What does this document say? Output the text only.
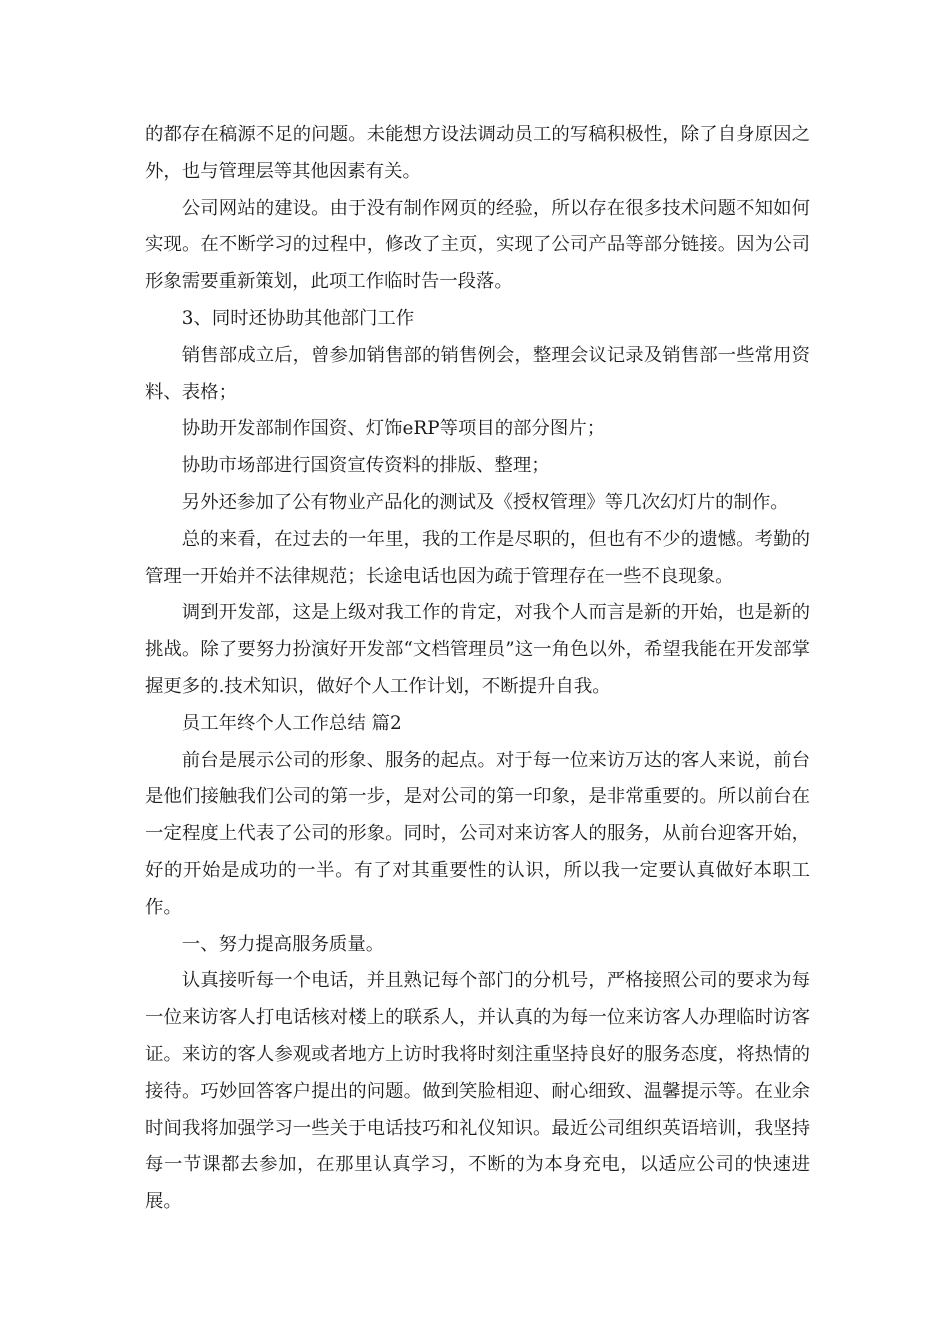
的都存在稿源不足的问题。未能想方设法调动员工的写稿积极性，除了自身原因之外，也与管理层等其他因素有关。

公司网站的建设。由于没有制作网页的经验，所以存在很多技术问题不知如何实现。在不断学习的过程中，修改了主页，实现了公司产品等部分链接。因为公司形象需要重新策划，此项工作临时告一段落。

3、同时还协助其他部门工作

销售部成立后，曾参加销售部的销售例会，整理会议记录及销售部一些常用资料、表格；

协助开发部制作国资、灯饰eRP等项目的部分图片；

协助市场部进行国资宣传资料的排版、整理；

另外还参加了公有物业产品化的测试及《授权管理》等几次幻灯片的制作。

总的来看，在过去的一年里，我的工作是尽职的，但也有不少的遗憾。考勤的管理一开始并不法律规范；长途电话也因为疏于管理存在一些不良现象。

调到开发部，这是上级对我工作的肯定，对我个人而言是新的开始，也是新的挑战。除了要努力扮演好开发部“文档管理员”这一角色以外，希望我能在开发部掌握更多的.技术知识，做好个人工作计划，不断提升自我。

员工年终个人工作总结 篇2

前台是展示公司的形象、服务的起点。对于每一位来访万达的客人来说，前台是他们接触我们公司的第一步，是对公司的第一印象，是非常重要的。所以前台在一定程度上代表了公司的形象。同时，公司对来访客人的服务，从前台迎客开始，好的开始是成功的一半。有了对其重要性的认识，所以我一定要认真做好本职工作。

一、努力提高服务质量。

认真接听每一个电话，并且熟记每个部门的分机号，严格接照公司的要求为每一位来访客人打电话核对楼上的联系人，并认真的为每一位来访客人办理临时访客证。来访的客人参观或者地方上访时我将时刻注重坚持良好的服务态度，将热情的接待。巧妙回答客户提出的问题。做到笑脸相迎、耐心细致、温馨提示等。在业余时间我将加强学习一些关于电话技巧和礼仪知识。最近公司组织英语培训，我坚持每一节课都去参加，在那里认真学习，不断的为本身充电，以适应公司的快速进展。
